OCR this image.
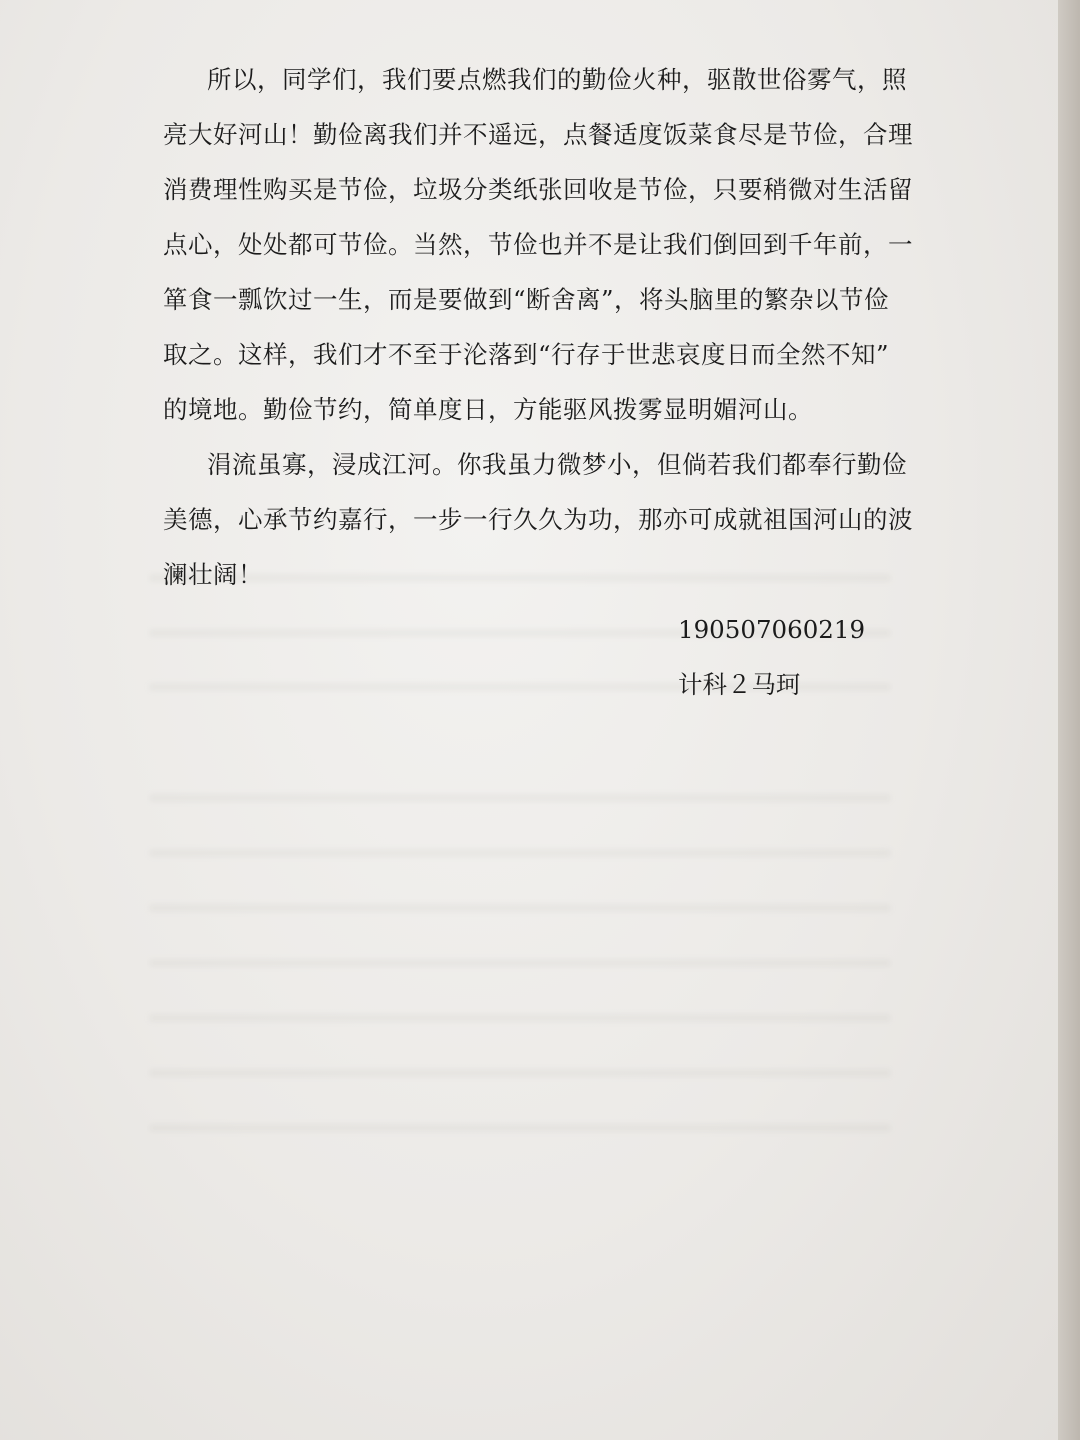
所以，同学们，我们要点燃我们的勤俭火种，驱散世俗雾气，照
亮大好河山！勤俭离我们并不遥远，点餐适度饭菜食尽是节俭，合理
消费理性购买是节俭，垃圾分类纸张回收是节俭，只要稍微对生活留
点心，处处都可节俭。当然，节俭也并不是让我们倒回到千年前，一
箪食一瓢饮过一生，而是要做到“断舍离”，将头脑里的繁杂以节俭
取之。这样，我们才不至于沦落到“行存于世悲哀度日而全然不知”
的境地。勤俭节约，简单度日，方能驱风拨雾显明媚河山。
涓流虽寡，浸成江河。你我虽力微梦小，但倘若我们都奉行勤俭
美德，心承节约嘉行，一步一行久久为功，那亦可成就祖国河山的波
澜壮阔！
190507060219
计科２马珂
